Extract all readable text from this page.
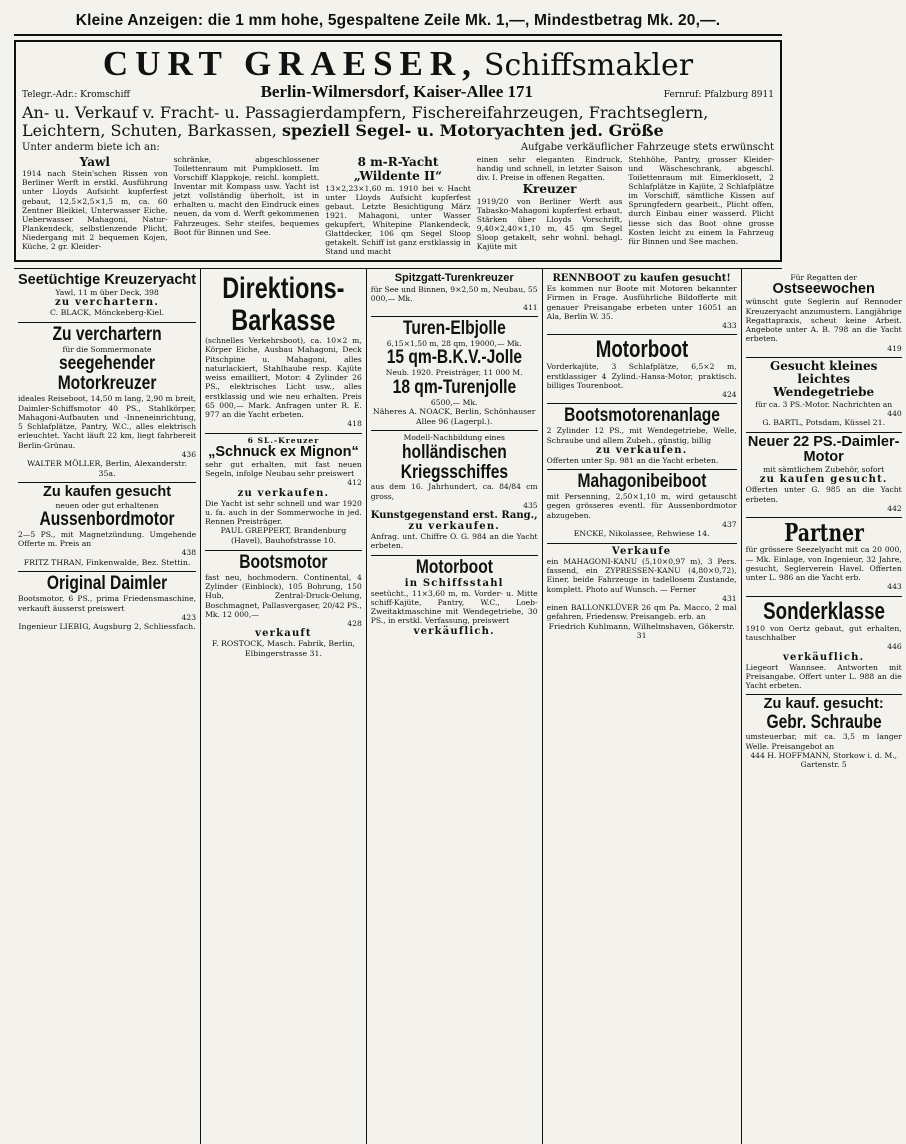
Kleine Anzeigen: die 1 mm hohe, 5gespaltene Zeile Mk. 1,—, Mindestbetrag Mk. 20,—.
CURT GRAESER, Schiffsmakler
Telegr.-Adr.: Kromschiff	Berlin-Wilmersdorf, Kaiser-Allee 171	Fernruf: Pfalzburg 8911
An- u. Verkauf v. Fracht- u. Passagierdampfern, Fischereifahrzeugen, Frachtseglern,
Leichtern, Schuten, Barkassen, speziell Segel- u. Motoryachten jed. Größe
Unter anderm biete ich an:	Aufgabe verkäuflicher Fahrzeuge stets erwünscht
Yawl
1914 nach Stein'schen Rissen von Berliner Werft in erstkl. Ausführung unter Lloyds Aufsicht kupferfest gebaut, 12,5×2,5×1,5 m, ca. 60 Zentner Bleikiel, Unterwasser Eiche, Ueberwasser Mahagoni, Natur-Plankendeck, selbstlenzende Plicht, Niedergang mit 2 bequemen Kojen, Küche, 2 gr. Kleider-
schränke, abgeschlossener Toilettenraum mit Pumpklosett. Im Vorschiff Klappkoje, reichl. komplett. Inventar mit Kompass usw. Yacht ist jetzt vollständig überholt, ist in erhalten u. macht den Eindruck eines neuen, da vom d. Werft gekommenen Fahrzeuges. Sehr steifes, bequemes Boot für Binnen und See.
8 m-R-Yacht „Wildente II“
13×2,23×1,60 m. 1910 bei v. Hacht unter Lloyds Aufsicht kupferfest gebaut. Letzte Besichtigung März 1921. Mahagoni, unter Wasser gekupfert, Whitepine Plankendeck, Glattdecker, 106 qm Segel Sloop getakelt. Schiff ist ganz erstklassig in Stand und macht
einen sehr eleganten Eindruck, handig und schnell, in letzter Saison div. I. Preise in offenen Regatten.
Kreuzer
1919/20 von Berliner Werft aus Tabasko-Mahagoni kupferfest erbaut, Stärken über Lloyds Vorschrift, 9,40×2,40×1,10 m, 45 qm Segel Sloop getakelt, sehr wohnl. behagl. Kajüte mit
Stehhöhe, Pantry, grosser Kleider- und Wäscheschrank, abgeschl. Toilettenraum mit Eimerklosett, 2 Schlafplätze in Kajüte, 2 Schlafplätze im Vorschiff, sämtliche Kissen auf Sprungfedern gearbeit., Plicht offen, durch Einbau einer wasserd. Plicht liesse sich das Boot ohne grosse Kosten leicht zu einem la Fahrzeug für Binnen und See machen.
Seetüchtige Kreuzeryacht
Yawl, 11 m über Deck, 398
zu verchartern.
C. BLACK, Mönckeberg-Kiel.
Zu verchartern
für die Sommermonate
seegehender Motorkreuzer
ideales Reiseboot, 14,50 m lang, 2,90 m breit, Daimler-Schiffsmotor 40 PS., Stahlkörper, Mahagoni-Aufbauten und -Inneneinrichtung, 5 Schlafplätze, Pantry, W.C., alles elektrisch erleuchtet. Yacht läuft 22 km, liegt fahrbereit Berlin-Grünau.
436
WALTER MÖLLER, Berlin, Alexanderstr. 35a.
Zu kaufen gesucht
neuen oder gut erhaltenen
Aussenbordmotor
2—5 PS., mit Magnetzündung. Umgehende Offerte m. Preis an
438
FRITZ THRAN, Finkenwalde, Bez. Stettin.
Original Daimler
Bootsmotor, 6 PS., prima Friedensmaschine, verkauft äusserst preiswert
423
Ingenieur LIEBIG, Augsburg 2, Schliessfach.
Direktions-Barkasse
(schnelles Verkehrsboot), ca. 10×2 m, Körper Eiche, Ausbau Mahagoni, Deck Pitschpine u. Mahagoni, alles naturlackiert, Stahlhaube resp. Kajüte weiss emailliert, Motor: 4 Zylinder 26 PS., elektrisches Licht usw., alles erstklassig und wie neu erhalten. Preis 65 000,— Mark. Anfragen unter R. E. 977 an die Yacht erbeten.
418
6 SL.-Kreuzer
„Schnuck ex Mignon“
sehr gut erhalten, mit fast neuen Segeln, infolge Neubau sehr preiswert
412
zu verkaufen.
Die Yacht ist sehr schnell und war 1920 u. fa. auch in der Sommerwoche in jed. Rennen Preisträger.
PAUL GREPPERT, Brandenburg (Havel), Bauhofstrasse 10.
Bootsmotor
fast neu, hochmodern. Continental, 4 Zylinder (Einblock), 105 Bohrung, 150 Hub, Zentral-Druck-Oelung, Boschmagnet, Pallasvergaser, 20/42 PS., Mk. 12 000,—
428
verkauft
F. ROSTOCK, Masch. Fabrik, Berlin, Elbingerstrasse 31.
Spitzgatt-Turenkreuzer
für See und Binnen, 9×2,50 m, Neubau, 55 000,— Mk.
411
Turen-Elbjolle
6,15×1,50 m, 28 qm, 19000,— Mk.
15 qm-B.K.V.-Jolle
Neub. 1920. Preisträger, 11 000 M.
18 qm-Turenjolle
6500,— Mk.
Näheres A. NOACK, Berlin, Schönhauser Allee 96 (Lagerpl.).
Modell-Nachbildung eines
holländischen Kriegsschiffes
aus dem 16. Jahrhundert, ca. 84/84 cm gross,
435
Kunstgegenstand erst. Rang.,
zu verkaufen.
Anfrag. unt. Chiffre O. G. 984 an die Yacht erbeten.
Motorboot
in Schiffsstahl
seetücht., 11×3,60 m, m. Vorder- u. Mitte schiff-Kajüte, Pantry, W.C., Loeb-Zweitaktmaschine mit Wendegetriebe, 30 PS., in erstkl. Verfassung, preiswert
verkäuflich.
RENNBOOT zu kaufen gesucht!
Es kommen nur Boote mit Motoren bekannter Firmen in Frage. Ausführliche Bildofferte mit genauer Preisangabe erbeten unter 16051 an Ala, Berlin W. 35.
433
Motorboot
Vorderkajüte, 3 Schlafplätze, 6,5×2 m, erstklassiger 4 Zylind.-Hansa-Motor, praktisch. billiges Tourenboot.
424
Bootsmotorenanlage
2 Zylinder 12 PS., mit Wendegetriebe, Welle, Schraube und allem Zubeh., günstig, billig
zu verkaufen.
Offerten unter Sp. 981 an die Yacht erbeten.
Mahagonibeiboot
mit Persenning, 2,50×1,10 m, wird getauscht gegen grösseres eventl. für Aussenbordmotor abzugeben.
437
ENCKE, Nikolassee, Rehwiese 14.
Verkaufe
ein MAHAGONI-KANU (5,10×0,97 m), 3 Pers. fassend, ein ZYPRESSEN-KANU (4,80×0,72), Einer, beide Fahrzeuge in tadellosem Zustande, komplett. Photo auf Wunsch. — Ferner
431
einen BALLONKLÜVER 26 qm Pa. Macco, 2 mal gefahren, Friedensw. Preisangeb. erb. an
Friedrich Kuhlmann, Wilhelmshaven, Gökerstr. 31
Für Regatten der
Ostseewochen
wünscht gute Seglerin auf Rennoder Kreuzeryacht anzumustern. Langjährige Regattapraxis, scheut keine Arbeit. Angebote unter A. B. 798 an die Yacht erbeten.
419
Gesucht kleines leichtes Wendegetriebe
für ca. 3 PS.-Motor. Nachrichten an
440
G. BARTL, Potsdam, Küssel 21.
Neuer 22 PS.-Daimler-Motor
mit sämtlichem Zubehör, sofort
zu kaufen gesucht.
Offerten unter G. 985 an die Yacht erbeten.
442
Partner
für grössere Seezelyacht mit ca 20 000,— Mk. Einlage, von Ingenieur, 32 Jahre, gesucht, Seglerverein Havel. Offerten unter L. 986 an die Yacht erb.
443
Sonderklasse
1910 von Oertz gebaut, gut erhalten, tauschhalber
446
verkäuflich.
Liegeort Wannsee. Antworten mit Preisangabe. Offert unter L. 988 an die Yacht erbeten.
Zu kauf. gesucht:
Gebr. Schraube
umsteuerbar, mit ca. 3,5 m langer Welle. Preisangebot an
444 H. HOFFMANN, Storkow i. d. M., Gartenstr. 5
